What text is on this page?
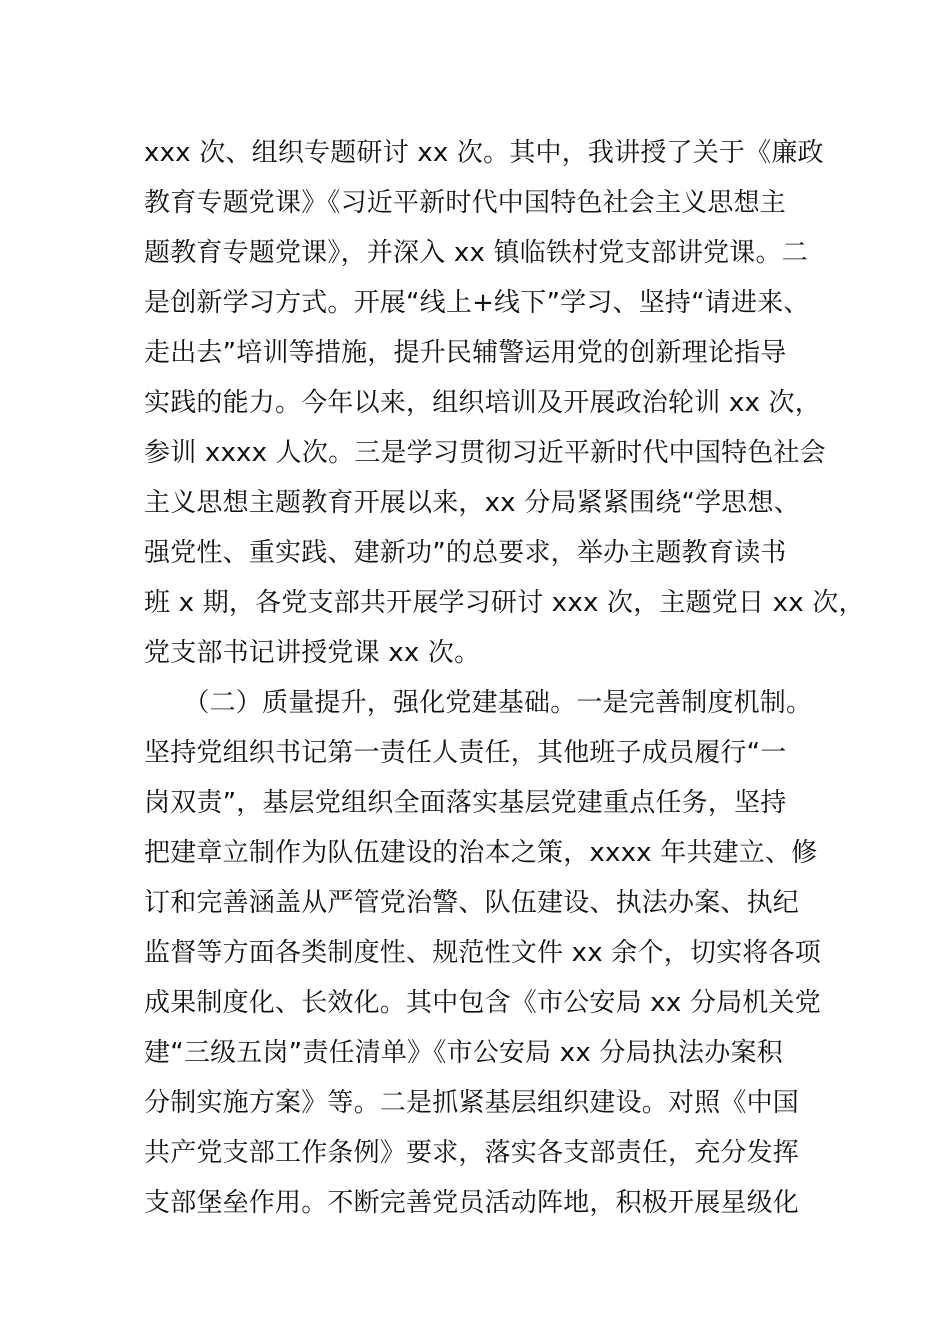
xxx 次、组织专题研讨 xx 次。其中，我讲授了关于《廉政
教育专题党课》《习近平新时代中国特色社会主义思想主
题教育专题党课》，并深入 xx 镇临铁村党支部讲党课。二
是创新学习方式。开展“线上+线下”学习、坚持“请进来、
走出去”培训等措施，提升民辅警运用党的创新理论指导
实践的能力。今年以来，组织培训及开展政治轮训 xx 次，
参训 xxxx 人次。三是学习贯彻习近平新时代中国特色社会
主义思想主题教育开展以来，xx 分局紧紧围绕“学思想、
强党性、重实践、建新功”的总要求，举办主题教育读书
班 x 期，各党支部共开展学习研讨 xxx 次，主题党日 xx 次，
党支部书记讲授党课 xx 次。
　　（二）质量提升，强化党建基础。一是完善制度机制。
坚持党组织书记第一责任人责任，其他班子成员履行“一
岗双责”，基层党组织全面落实基层党建重点任务，坚持
把建章立制作为队伍建设的治本之策，xxxx 年共建立、修
订和完善涵盖从严管党治警、队伍建设、执法办案、执纪
监督等方面各类制度性、规范性文件 xx 余个，切实将各项
成果制度化、长效化。其中包含《市公安局 xx 分局机关党
建“三级五岗”责任清单》《市公安局 xx 分局执法办案积
分制实施方案》等。二是抓紧基层组织建设。对照《中国
共产党支部工作条例》要求，落实各支部责任，充分发挥
支部堡垒作用。不断完善党员活动阵地，积极开展星级化
